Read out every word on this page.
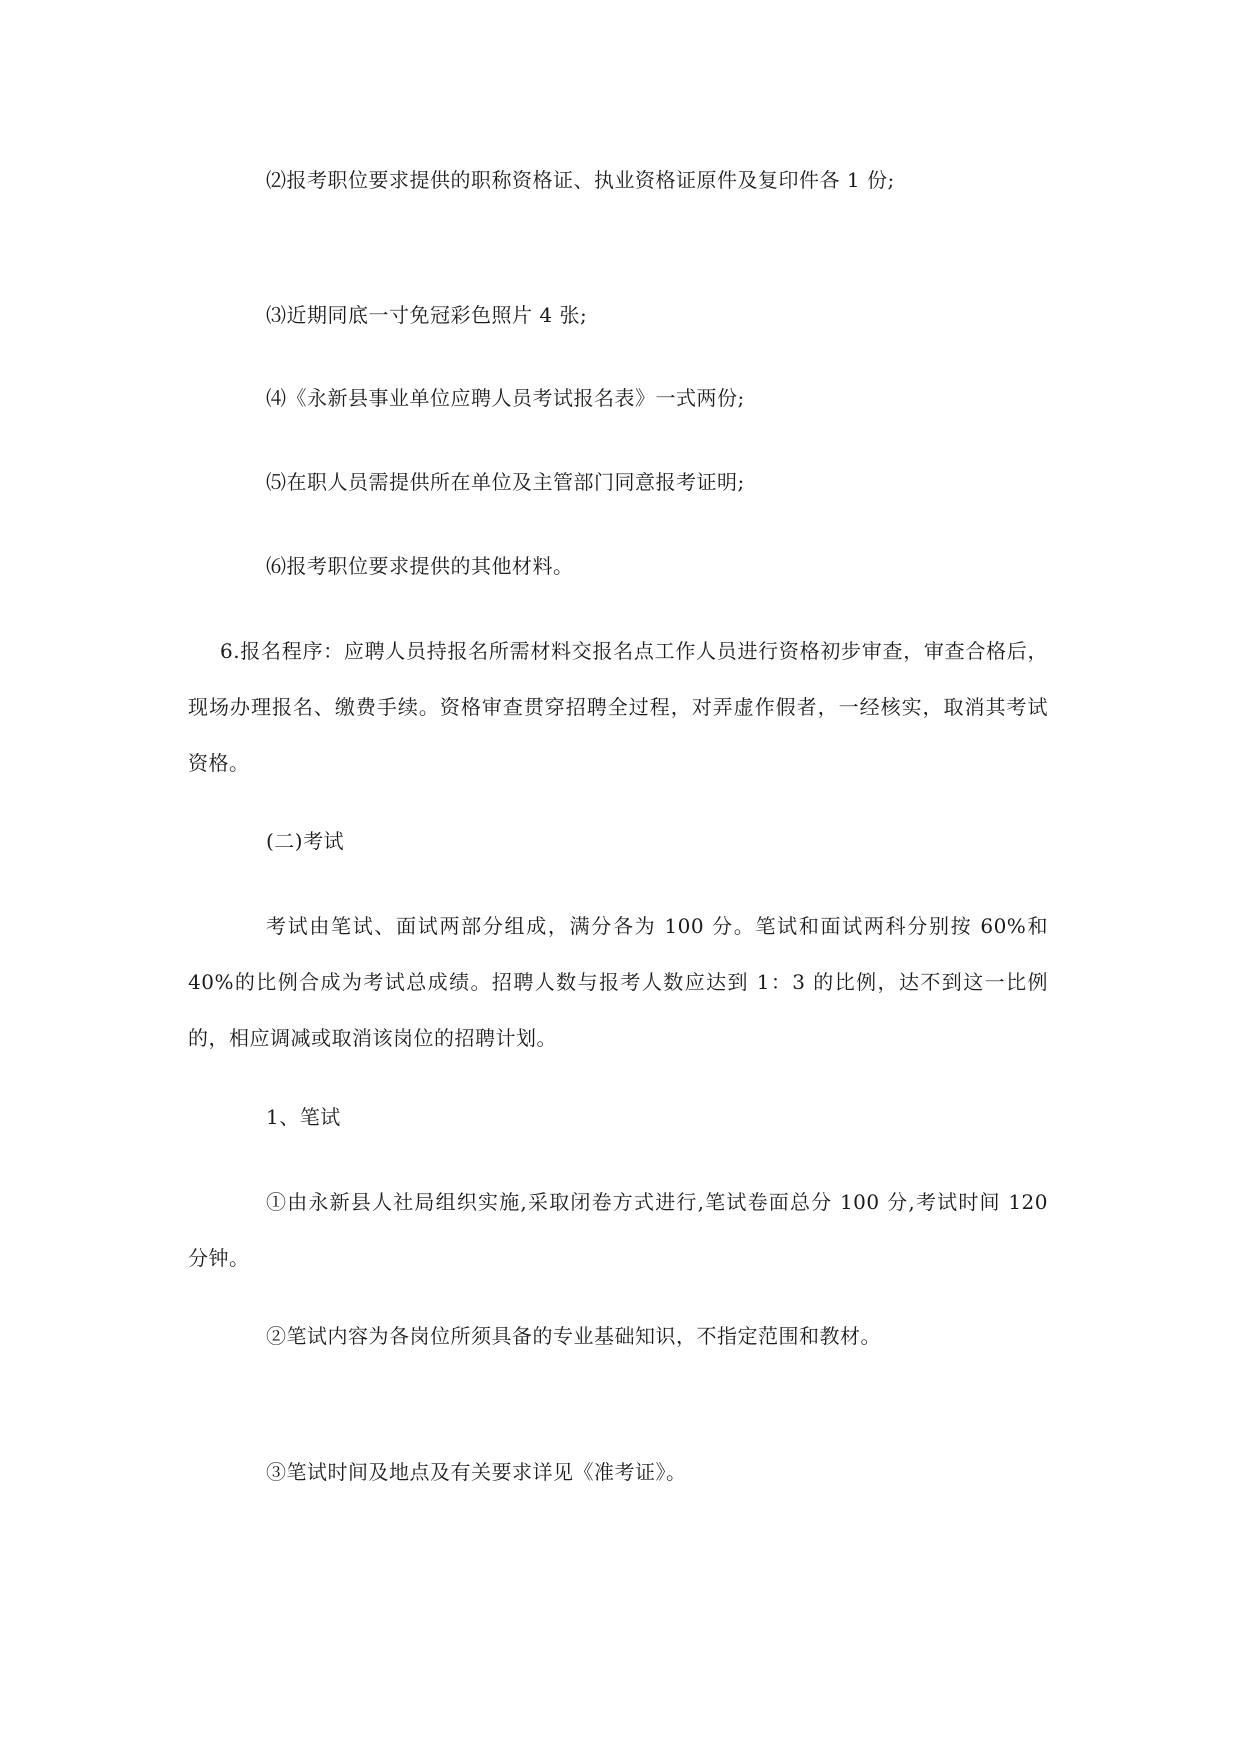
⑵报考职位要求提供的职称资格证、执业资格证原件及复印件各 1 份;
⑶近期同底一寸免冠彩色照片 4 张;
⑷《永新县事业单位应聘人员考试报名表》一式两份;
⑸在职人员需提供所在单位及主管部门同意报考证明;
⑹报考职位要求提供的其他材料。
6.报名程序：应聘人员持报名所需材料交报名点工作人员进行资格初步审查，审查合格后，现场办理报名、缴费手续。资格审查贯穿招聘全过程，对弄虚作假者，一经核实，取消其考试资格。
(二)考试
考试由笔试、面试两部分组成，满分各为 100 分。笔试和面试两科分别按 60%和 40%的比例合成为考试总成绩。招聘人数与报考人数应达到 1：3 的比例，达不到这一比例的，相应调减或取消该岗位的招聘计划。
1、笔试
①由永新县人社局组织实施,采取闭卷方式进行,笔试卷面总分 100 分,考试时间 120 分钟。
②笔试内容为各岗位所须具备的专业基础知识，不指定范围和教材。
③笔试时间及地点及有关要求详见《准考证》。
